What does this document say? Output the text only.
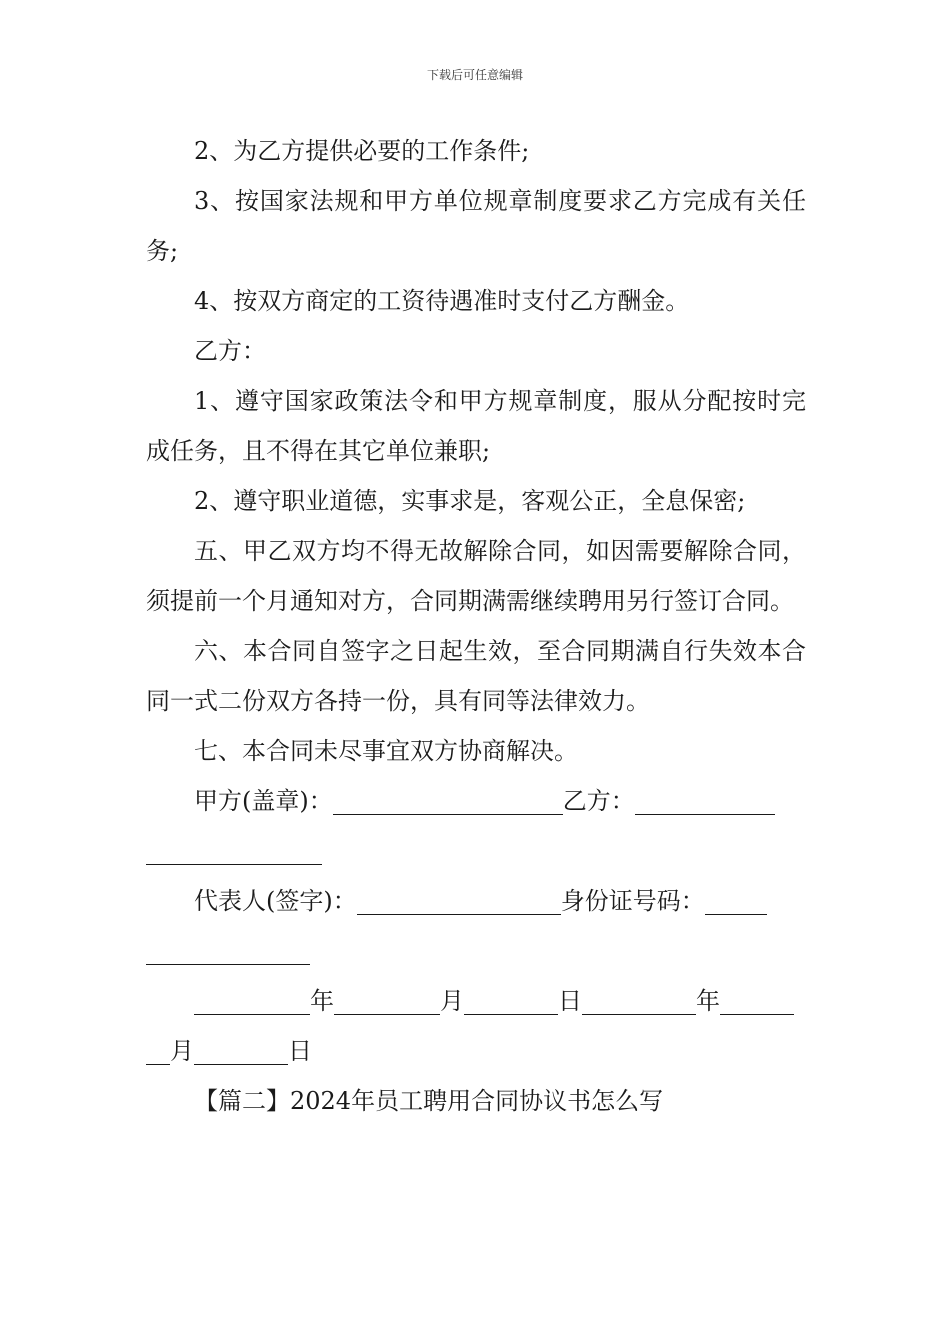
下载后可任意编辑

2、为乙方提供必要的工作条件;

3、按国家法规和甲方单位规章制度要求乙方完成有关任务;

4、按双方商定的工资待遇准时支付乙方酬金。

乙方：

1、遵守国家政策法令和甲方规章制度，服从分配按时完成任务，且不得在其它单位兼职;

2、遵守职业道德，实事求是，客观公正，全息保密;

五、甲乙双方均不得无故解除合同，如因需要解除合同，须提前一个月通知对方，合同期满需继续聘用另行签订合同。

六、本合同自签字之日起生效，至合同期满自行失效本合同一式二份双方各持一份，具有同等法律效力。

七、本合同未尽事宜双方协商解决。

甲方(盖章)：	乙方：

代表人(签字)：	身份证号码：

年	月	日	年

月	日

【篇二】2024年员工聘用合同协议书怎么写
